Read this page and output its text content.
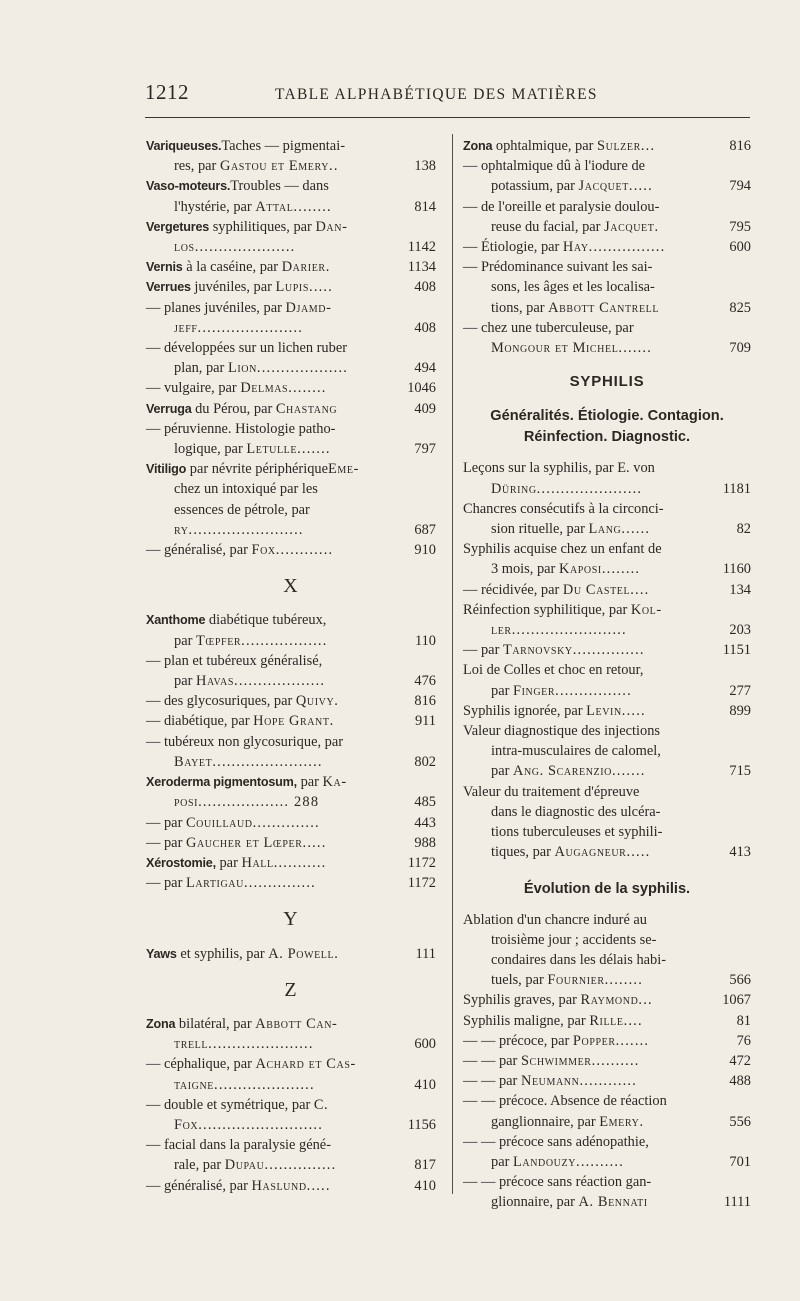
1212	TABLE ALPHABÉTIQUE DES MATIÈRES
Variqueuses.Taches — pigmentai-
res, par Gastou et Emery..	138
Vaso-moteurs.Troubles — dans
l'hystérie, par Attal........	814
Vergetures syphilitiques, par Dan-
los.....................	1142
Vernis à la caséine, par Darier.	1134
Verrues juvéniles, par Lupis.....	408
— planes juvéniles, par Djamd-
jeff......................	408
— développées sur un lichen ruber
plan, par Lion...................	494
— vulgaire, par Delmas........	1046
Verruga du Pérou, par Chastang	409
— péruvienne. Histologie patho-
logique, par Letulle.......	797
Vitiligo par névrite périphériqueEme-
chez un intoxiqué par les
essences de pétrole, par
ry........................	687
— généralisé, par Fox............	910
X
Xanthome diabétique tubéreux,
par Tœpfer..................	110
— plan et tubéreux généralisé,
par Havas...................	476
— des glycosuriques, par Quivy.	816
— diabétique, par Hope Grant.	911
— tubéreux non glycosurique, par
Bayet.......................	802
Xeroderma pigmentosum, par Ka-
posi................... 288	485
— par Couillaud..............	443
— par Gaucher et Lœper.....	988
Xérostomie, par Hall...........	1172
— par Lartigau...............	1172
Y
Yaws et syphilis, par A. Powell.	111
Z
Zona bilatéral, par Abbott Can-
trell......................	600
— céphalique, par Achard et Cas-
taigne.....................	410
— double et symétrique, par C.
Fox..........................	1156
— facial dans la paralysie géné-
rale, par Dupau...............	817
— généralisé, par Haslund.....	410
Zona ophtalmique, par Sulzer...	816
— ophtalmique dû à l'iodure de
potassium, par Jacquet.....	794
— de l'oreille et paralysie doulou-
reuse du facial, par Jacquet.	795
— Étiologie, par Hay................	600
— Prédominance suivant les sai-
sons, les âges et les localisa-
tions, par Abbott Cantrell	825
— chez une tuberculeuse, par
Mongour et Michel.......	709
SYPHILIS
Généralités. Étiologie. Contagion. Réinfection. Diagnostic.
Leçons sur la syphilis, par E. von
Düring......................	1181
Chancres consécutifs à la circonci-
sion rituelle, par Lang......	82
Syphilis acquise chez un enfant de
3 mois, par Kaposi........	1160
— récidivée, par Du Castel....	134
Réinfection syphilitique, par Kol-
ler........................	203
— par Tarnovsky...............	1151
Loi de Colles et choc en retour,
par Finger................	277
Syphilis ignorée, par Levin.....	899
Valeur diagnostique des injections
intra-musculaires de calomel,
par Ang. Scarenzio.......	715
Valeur du traitement d'épreuve
dans le diagnostic des ulcéra-
tions tuberculeuses et syphili-
tiques, par Augagneur.....	413
Évolution de la syphilis.
Ablation d'un chancre induré au
troisième jour ; accidents se-
condaires dans les délais habi-
tuels, par Fournier........	566
Syphilis graves, par Raymond...	1067
Syphilis maligne, par Rille....	81
— — précoce, par Popper.......	76
— — par Schwimmer..........	472
— — par Neumann............	488
— — précoce. Absence de réaction
ganglionnaire, par Emery.	556
— — précoce sans adénopathie,
par Landouzy..........	701
— — précoce sans réaction gan-
glionnaire, par A. Bennati	1111
